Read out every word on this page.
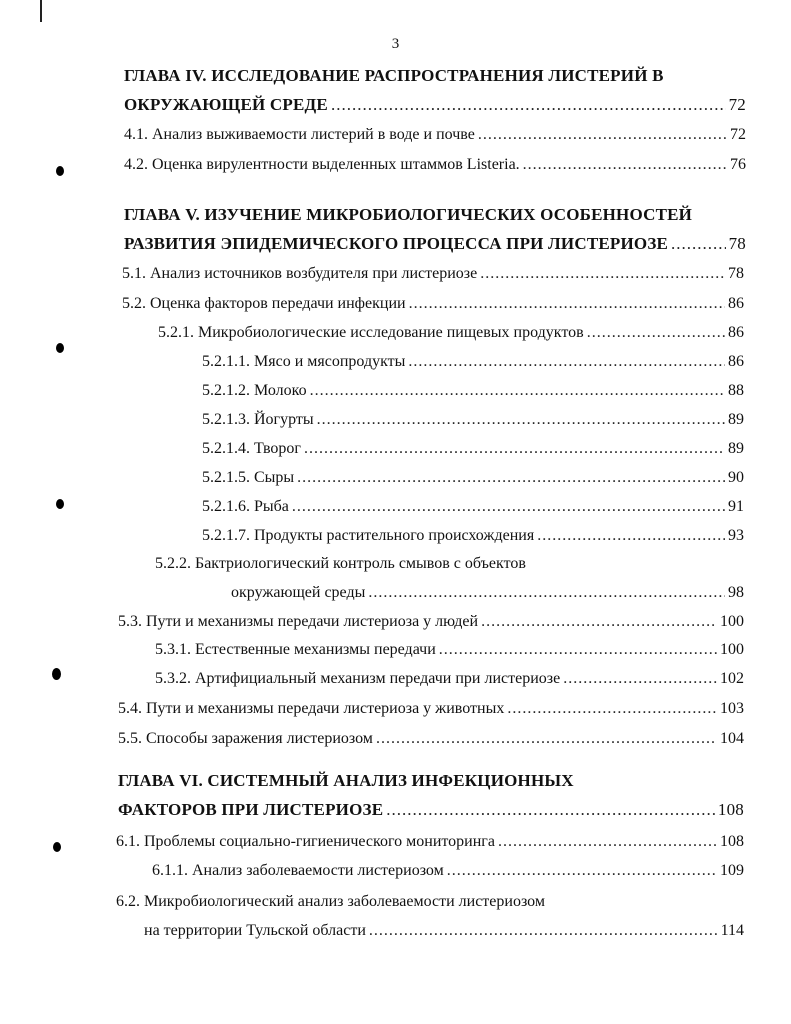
3
ГЛАВА IV. ИССЛЕДОВАНИЕ РАСПРОСТРАНЕНИЯ ЛИСТЕРИЙ В
ОКРУЖАЮЩЕЙ СРЕДЕ .....	72
4.1. Анализ выживаемости листерий в воде и почве .....	72
4.2. Оценка вирулентности выделенных штаммов Listeria. .....	76
ГЛАВА V. ИЗУЧЕНИЕ МИКРОБИОЛОГИЧЕСКИХ ОСОБЕННОСТЕЙ
РАЗВИТИЯ ЭПИДЕМИЧЕСКОГО ПРОЦЕССА ПРИ ЛИСТЕРИОЗЕ .....	78
5.1. Анализ источников возбудителя при листериозе .....	78
5.2. Оценка факторов передачи инфекции .....	86
5.2.1. Микробиологические исследование пищевых продуктов .....	86
5.2.1.1. Мясо и мясопродукты .....	86
5.2.1.2. Молоко .....	88
5.2.1.3. Йогурты .....	89
5.2.1.4. Творог .....	89
5.2.1.5. Сыры .....	90
5.2.1.6. Рыба .....	91
5.2.1.7. Продукты растительного происхождения .....	93
5.2.2. Бактриологический контроль смывов с объектов
окружающей среды .....	98
5.3. Пути и механизмы передачи листериоза у людей .....	100
5.3.1. Естественные механизмы передачи .....	100
5.3.2. Артифициальный механизм передачи при листериозе .....	102
5.4. Пути и механизмы передачи листериоза у животных .....	103
5.5. Способы заражения листериозом .....	104
ГЛАВА VI. СИСТЕМНЫЙ АНАЛИЗ ИНФЕКЦИОННЫХ
ФАКТОРОВ ПРИ ЛИСТЕРИОЗЕ .....	108
6.1. Проблемы социально-гигиенического мониторинга .....	108
6.1.1. Анализ заболеваемости листериозом .....	109
6.2. Микробиологический анализ заболеваемости листериозом
на территории Тульской области .....	114
